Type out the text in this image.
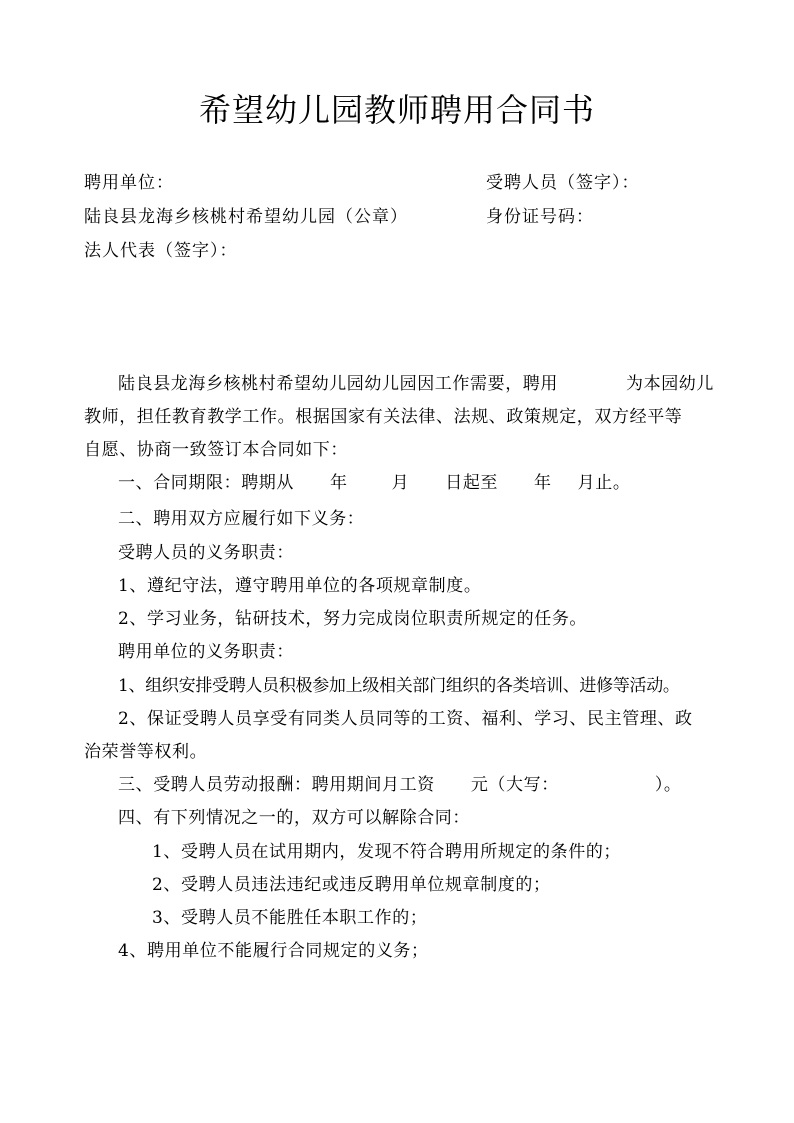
希望幼儿园教师聘用合同书
聘用单位：	受聘人员（签字）：
陆良县龙海乡核桃村希望幼儿园（公章）	身份证号码：
法人代表（签字）：
陆良县龙海乡核桃村希望幼儿园幼儿园因工作需要，聘用	为本园幼儿
教师，担任教育教学工作。根据国家有关法律、法规、政策规定，双方经平等
自愿、协商一致签订本合同如下：
一、合同期限：聘期从 年	月 日起至 年 月止。
二、聘用双方应履行如下义务：
受聘人员的义务职责：
1、遵纪守法，遵守聘用单位的各项规章制度。
2、学习业务，钻研技术，努力完成岗位职责所规定的任务。
聘用单位的义务职责：
1、组织安排受聘人员积极参加上级相关部门组织的各类培训、进修等活动。
2、保证受聘人员享受有同类人员同等的工资、福利、学习、民主管理、政
治荣誉等权利。
三、受聘人员劳动报酬：聘用期间月工资 元（大写：	）。
四、有下列情况之一的，双方可以解除合同：
1、受聘人员在试用期内，发现不符合聘用所规定的条件的；
2、受聘人员违法违纪或违反聘用单位规章制度的；
3、受聘人员不能胜任本职工作的；
4、聘用单位不能履行合同规定的义务；
